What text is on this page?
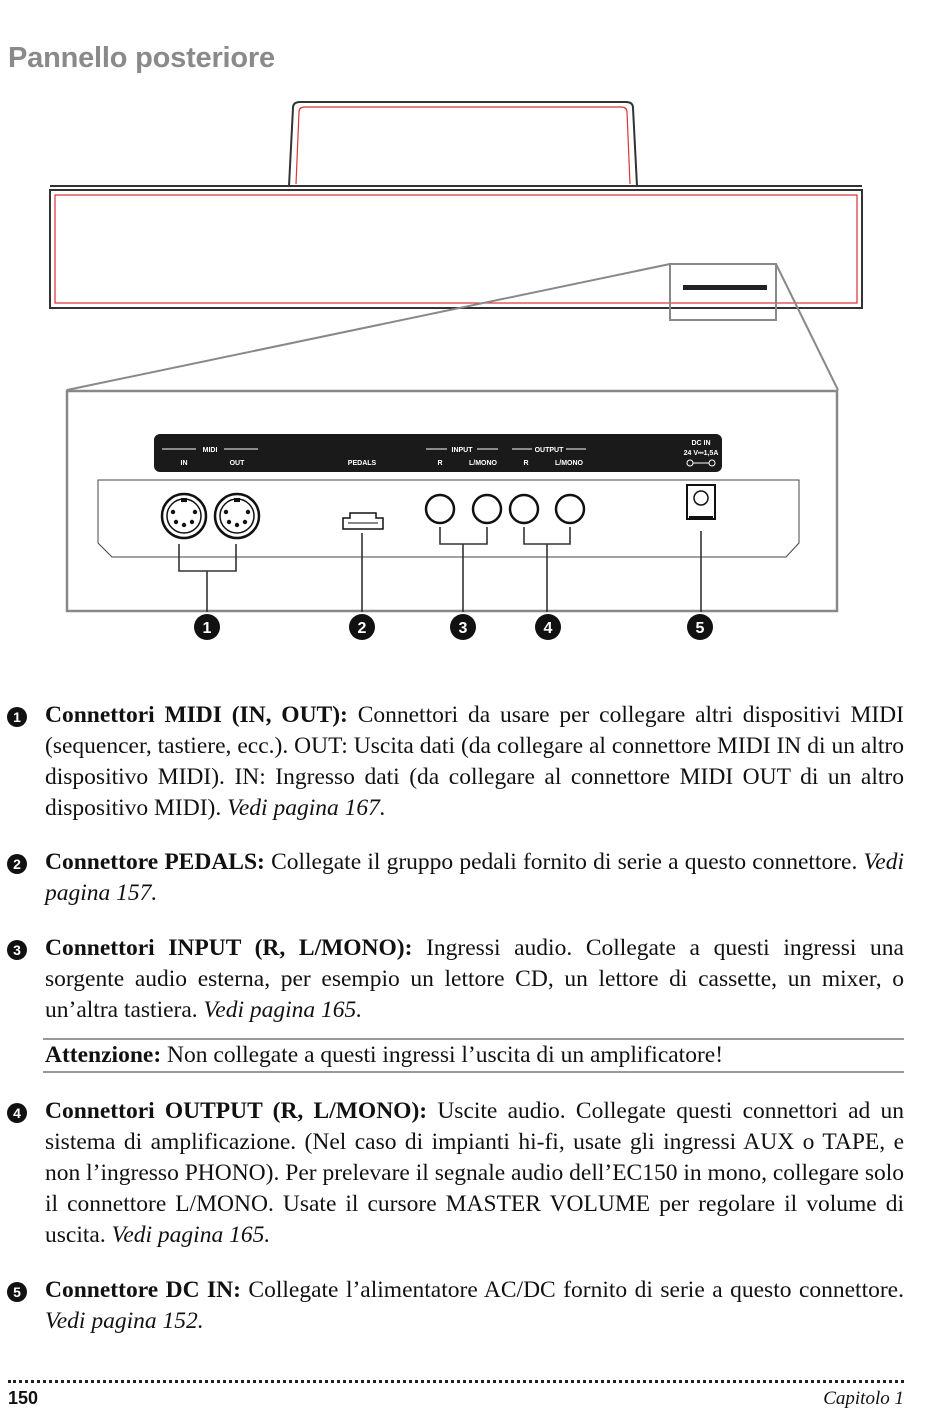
Pannello posteriore
MIDI
IN	OUT	PEDALS
INPUT
R	L/MONO
OUTPUT
R	L/MONO
DC IN
24 V⎓1,5A
1	2	3	4	5

1 Connettori MIDI (IN, OUT): Connettori da usare per collegare altri dispositivi MIDI (sequencer, tastiere, ecc.). OUT: Uscita dati (da collegare al connettore MIDI IN di un altro dispositivo MIDI). IN: Ingresso dati (da collegare al connettore MIDI OUT di un altro dispositivo MIDI). Vedi pagina 167.

2 Connettore PEDALS: Collegate il gruppo pedali fornito di serie a questo connettore. Vedi pagina 157.

3 Connettori INPUT (R, L/MONO): Ingressi audio. Collegate a questi ingressi una sorgente audio esterna, per esempio un lettore CD, un lettore di cassette, un mixer, o un’altra tastiera. Vedi pagina 165.

Attenzione: Non collegate a questi ingressi l’uscita di un amplificatore!

4 Connettori OUTPUT (R, L/MONO): Uscite audio. Collegate questi connettori ad un sistema di amplificazione. (Nel caso di impianti hi-fi, usate gli ingressi AUX o TAPE, e non l’ingresso PHONO). Per prelevare il segnale audio dell’EC150 in mono, collegare solo il connettore L/MONO. Usate il cursore MASTER VOLUME per regolare il volume di uscita. Vedi pagina 165.

5 Connettore DC IN: Collegate l’alimentatore AC/DC fornito di serie a questo connettore. Vedi pagina 152.

150	Capitolo 1
